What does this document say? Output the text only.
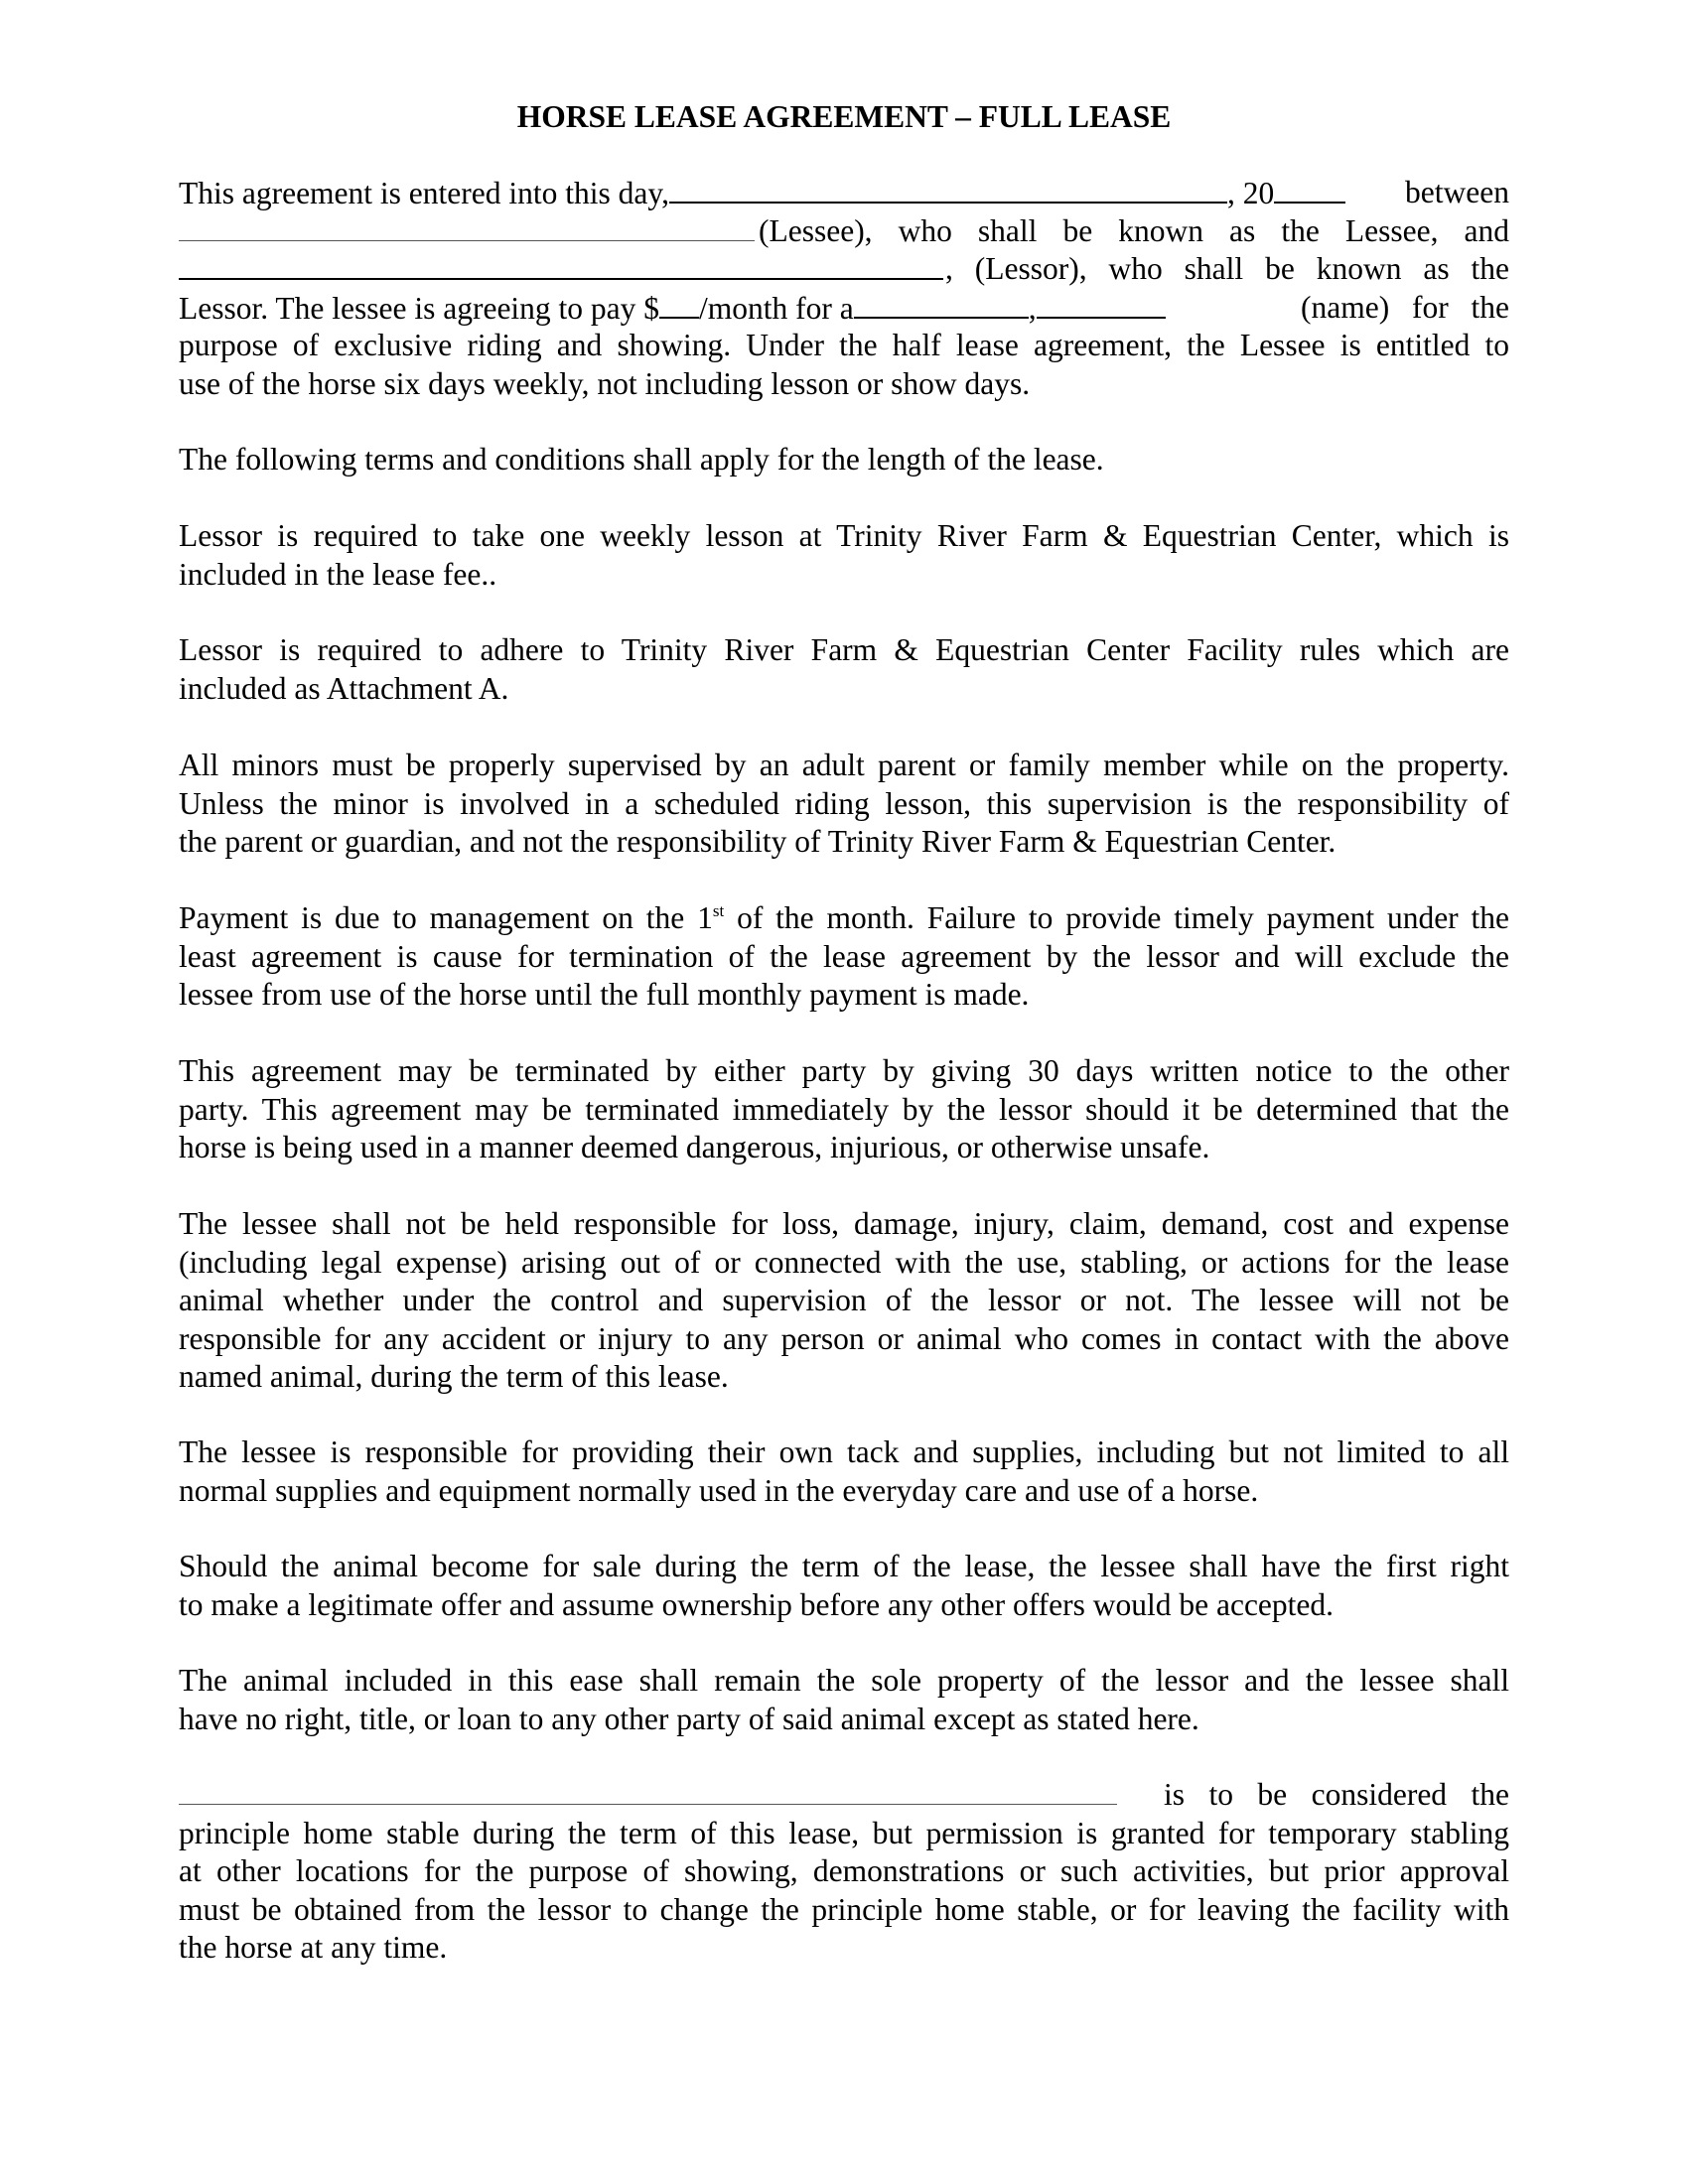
HORSE LEASE AGREEMENT – FULL LEASE
This agreement is entered into this day,	, 20	between
(Lessee), who shall be known as the Lessee, and
, (Lessor), who shall be known as the
Lessor. The lessee is agreeing to pay $ /month for a	,	(name) for the
purpose of exclusive riding and showing. Under the half lease agreement, the Lessee is entitled to
use of the horse six days weekly, not including lesson or show days.
The following terms and conditions shall apply for the length of the lease.
Lessor is required to take one weekly lesson at Trinity River Farm & Equestrian Center, which is
included in the lease fee..
Lessor is required to adhere to Trinity River Farm & Equestrian Center Facility rules which are
included as Attachment A.
All minors must be properly supervised by an adult parent or family member while on the property.
Unless the minor is involved in a scheduled riding lesson, this supervision is the responsibility of
the parent or guardian, and not the responsibility of Trinity River Farm & Equestrian Center.
Payment is due to management on the 1st of the month. Failure to provide timely payment under the
least agreement is cause for termination of the lease agreement by the lessor and will exclude the
lessee from use of the horse until the full monthly payment is made.
This agreement may be terminated by either party by giving 30 days written notice to the other
party. This agreement may be terminated immediately by the lessor should it be determined that the
horse is being used in a manner deemed dangerous, injurious, or otherwise unsafe.
The lessee shall not be held responsible for loss, damage, injury, claim, demand, cost and expense
(including legal expense) arising out of or connected with the use, stabling, or actions for the lease
animal whether under the control and supervision of the lessor or not. The lessee will not be
responsible for any accident or injury to any person or animal who comes in contact with the above
named animal, during the term of this lease.
The lessee is responsible for providing their own tack and supplies, including but not limited to all
normal supplies and equipment normally used in the everyday care and use of a horse.
Should the animal become for sale during the term of the lease, the lessee shall have the first right
to make a legitimate offer and assume ownership before any other offers would be accepted.
The animal included in this ease shall remain the sole property of the lessor and the lessee shall
have no right, title, or loan to any other party of said animal except as stated here.
is to be considered the
principle home stable during the term of this lease, but permission is granted for temporary stabling
at other locations for the purpose of showing, demonstrations or such activities, but prior approval
must be obtained from the lessor to change the principle home stable, or for leaving the facility with
the horse at any time.
